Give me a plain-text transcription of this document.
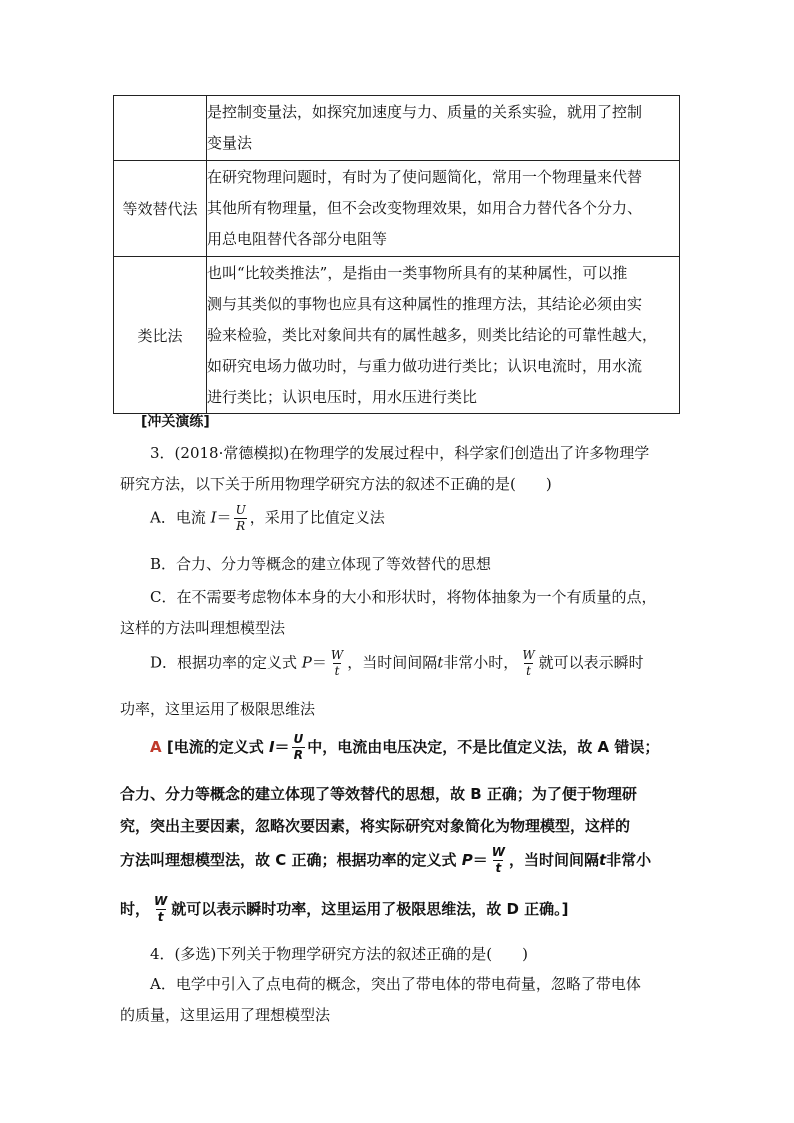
	是控制变量法，如探究加速度与力、质量的关系实验，就用了控制
变量法

等效替代法	在研究物理问题时，有时为了使问题简化，常用一个物理量来代替
其他所有物理量，但不会改变物理效果，如用合力替代各个分力、
用总电阻替代各部分电阻等

类比法	也叫“比较类推法”，是指由一类事物所具有的某种属性，可以推
测与其类似的事物也应具有这种属性的推理方法，其结论必须由实
验来检验，类比对象间共有的属性越多，则类比结论的可靠性越大，
如研究电场力做功时，与重力做功进行类比；认识电流时，用水流
进行类比；认识电压时，用水压进行类比
[冲关演练]
3．(2018·常德模拟)在物理学的发展过程中，科学家们创造出了许多物理学
研究方法，以下关于所用物理学研究方法的叙述不正确的是(　　)
A．电流 $I= \frac{U}{R}$ ，采用了比值定义法
B．合力、分力等概念的建立体现了等效替代的思想
C．在不需要考虑物体本身的大小和形状时，将物体抽象为一个有质量的点，
这样的方法叫理想模型法
D．根据功率的定义式 $P= \frac{W}{t}$ ，当时间间隔t非常小时， $\frac{W}{t}$ 就可以表示瞬时
功率，这里运用了极限思维法
A [电流的定义式 $I= \frac{U}{R}$ 中，电流由电压决定，不是比值定义法，故 A 错误；
合力、分力等概念的建立体现了等效替代的思想，故 B 正确；为了便于物理研
究，突出主要因素，忽略次要因素，将实际研究对象简化为物理模型，这样的
方法叫理想模型法，故 C 正确；根据功率的定义式 $P= \frac{W}{t}$ ，当时间间隔t非常小
时， $\frac{W}{t}$ 就可以表示瞬时功率，这里运用了极限思维法，故 D 正确。]
4．(多选)下列关于物理学研究方法的叙述正确的是(　　)
A．电学中引入了点电荷的概念，突出了带电体的带电荷量，忽略了带电体
的质量，这里运用了理想模型法
